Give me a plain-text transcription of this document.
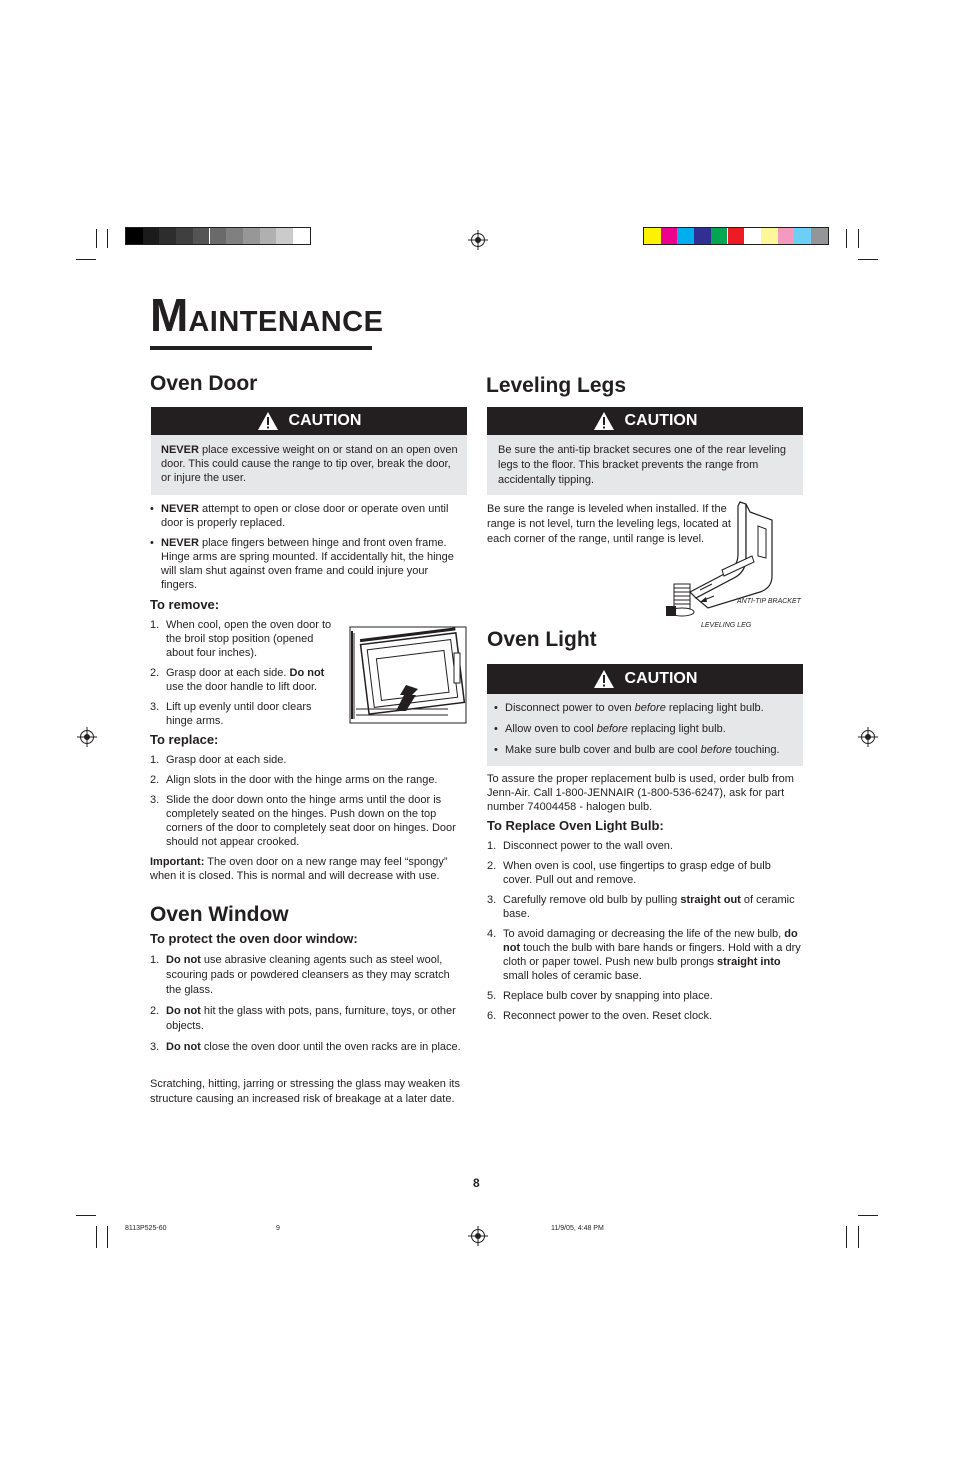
MAINTENANCE
Oven Door
CAUTION

NEVER place excessive weight on or stand on an open oven door. This could cause the range to tip over, break the door, or injure the user.

• NEVER attempt to open or close door or operate oven until door is properly replaced.

• NEVER place fingers between hinge and front oven frame. Hinge arms are spring mounted. If accidentally hit, the hinge will slam shut against oven frame and could injure your fingers.

To remove:

1. When cool, open the oven door to the broil stop position (opened about four inches).

2. Grasp door at each side. Do not use the door handle to lift door.

3. Lift up evenly until door clears hinge arms.

To replace:

1. Grasp door at each side.

2. Align slots in the door with the hinge arms on the range.

3. Slide the door down onto the hinge arms until the door is completely seated on the hinges. Push down on the top corners of the door to completely seat door on hinges. Door should not appear crooked.

Important: The oven door on a new range may feel “spongy” when it is closed. This is normal and will decrease with use.

Oven Window
To protect the oven door window:

1. Do not use abrasive cleaning agents such as steel wool, scouring pads or powdered cleansers as they may scratch the glass.

2. Do not hit the glass with pots, pans, furniture, toys, or other objects.

3. Do not close the oven door until the oven racks are in place.

Scratching, hitting, jarring or stressing the glass may weaken its structure causing an increased risk of breakage at a later date.

Leveling Legs
CAUTION

Be sure the anti-tip bracket secures one of the rear leveling legs to the floor. This bracket prevents the range from accidentally tipping.

Be sure the range is leveled when installed. If the range is not level, turn the leveling legs, located at each corner of the range, until range is level.

ANTI-TIP BRACKET

LEVELING LEG

Oven Light
CAUTION

• Disconnect power to oven before replacing light bulb.

• Allow oven to cool before replacing light bulb.

• Make sure bulb cover and bulb are cool before touching.

To assure the proper replacement bulb is used, order bulb from Jenn-Air. Call 1-800-JENNAIR (1-800-536-6247), ask for part number 74004458 - halogen bulb.

To Replace Oven Light Bulb:

1. Disconnect power to the wall oven.

2. When oven is cool, use fingertips to grasp edge of bulb cover. Pull out and remove.

3. Carefully remove old bulb by pulling straight out of ceramic base.

4. To avoid damaging or decreasing the life of the new bulb, do not touch the bulb with bare hands or fingers. Hold with a dry cloth or paper towel. Push new bulb prongs straight into small holes of ceramic base.

5. Replace bulb cover by snapping into place.

6. Reconnect power to the oven. Reset clock.

8

8113P525-60	9	11/9/05, 4:48 PM
